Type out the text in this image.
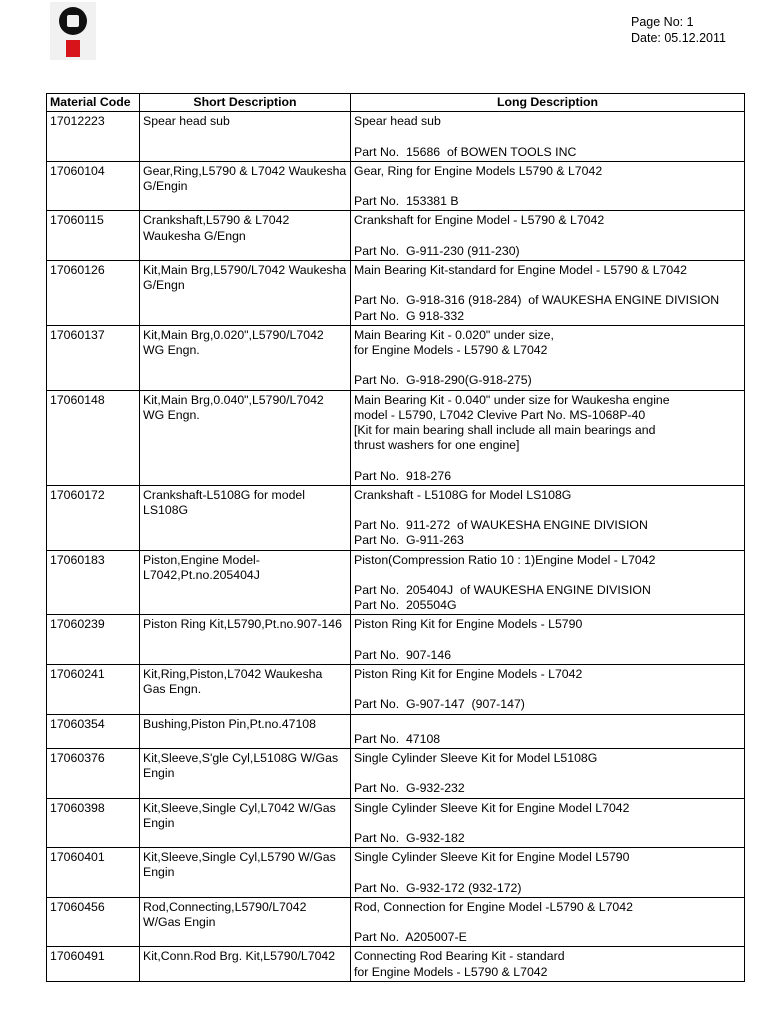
Page No: 1
Date: 05.12.2011
Material Code	Short Description	Long Description
17012223	Spear head sub	Spear head sub
Part No.  15686  of BOWEN TOOLS INC

17060104	Gear,Ring,L5790 & L7042 Waukesha G/Engin	Gear, Ring for Engine Models L5790 & L7042
Part No.  153381 B

17060115	Crankshaft,L5790 & L7042 Waukesha G/Engn	Crankshaft for Engine Model - L5790 & L7042
Part No.  G-911-230 (911-230)

17060126	Kit,Main Brg,L5790/L7042 Waukesha G/Engn	Main Bearing Kit-standard for Engine Model - L5790 & L7042
Part No.  G-918-316 (918-284)  of WAUKESHA ENGINE DIVISION
Part No.  G 918-332

17060137	Kit,Main Brg,0.020",L5790/L7042 WG Engn.	Main Bearing Kit - 0.020" under size,
for Engine Models - L5790 & L7042
Part No.  G-918-290(G-918-275)

17060148	Kit,Main Brg,0.040",L5790/L7042 WG Engn.	Main Bearing Kit - 0.040" under size for Waukesha engine
model - L5790, L7042 Clevive Part No. MS-1068P-40
[Kit for main bearing shall include all main bearings and
thrust washers for one engine]
Part No.  918-276

17060172	Crankshaft-L5108G for model LS108G	Crankshaft - L5108G for Model LS108G
Part No.  911-272  of WAUKESHA ENGINE DIVISION
Part No.  G-911-263

17060183	Piston,Engine Model-L7042,Pt.no.205404J	Piston(Compression Ratio 10 : 1)Engine Model - L7042
Part No.  205404J  of WAUKESHA ENGINE DIVISION
Part No.  205504G

17060239	Piston Ring Kit,L5790,Pt.no.907-146	Piston Ring Kit for Engine Models - L5790
Part No.  907-146

17060241	Kit,Ring,Piston,L7042 Waukesha Gas Engn.	Piston Ring Kit for Engine Models - L7042
Part No.  G-907-147  (907-147)

17060354	Bushing,Piston Pin,Pt.no.47108	Part No.  47108

17060376	Kit,Sleeve,S'gle Cyl,L5108G W/Gas Engin	Single Cylinder Sleeve Kit for Model L5108G
Part No.  G-932-232

17060398	Kit,Sleeve,Single Cyl,L7042 W/Gas Engin	Single Cylinder Sleeve Kit for Engine Model L7042
Part No.  G-932-182

17060401	Kit,Sleeve,Single Cyl,L5790 W/Gas Engin	Single Cylinder Sleeve Kit for Engine Model L5790
Part No.  G-932-172 (932-172)

17060456	Rod,Connecting,L5790/L7042 W/Gas Engin	Rod, Connection for Engine Model -L5790 & L7042
Part No.  A205007-E

17060491	Kit,Conn.Rod Brg. Kit,L5790/L7042	Connecting Rod Bearing Kit - standard
for Engine Models - L5790 & L7042
